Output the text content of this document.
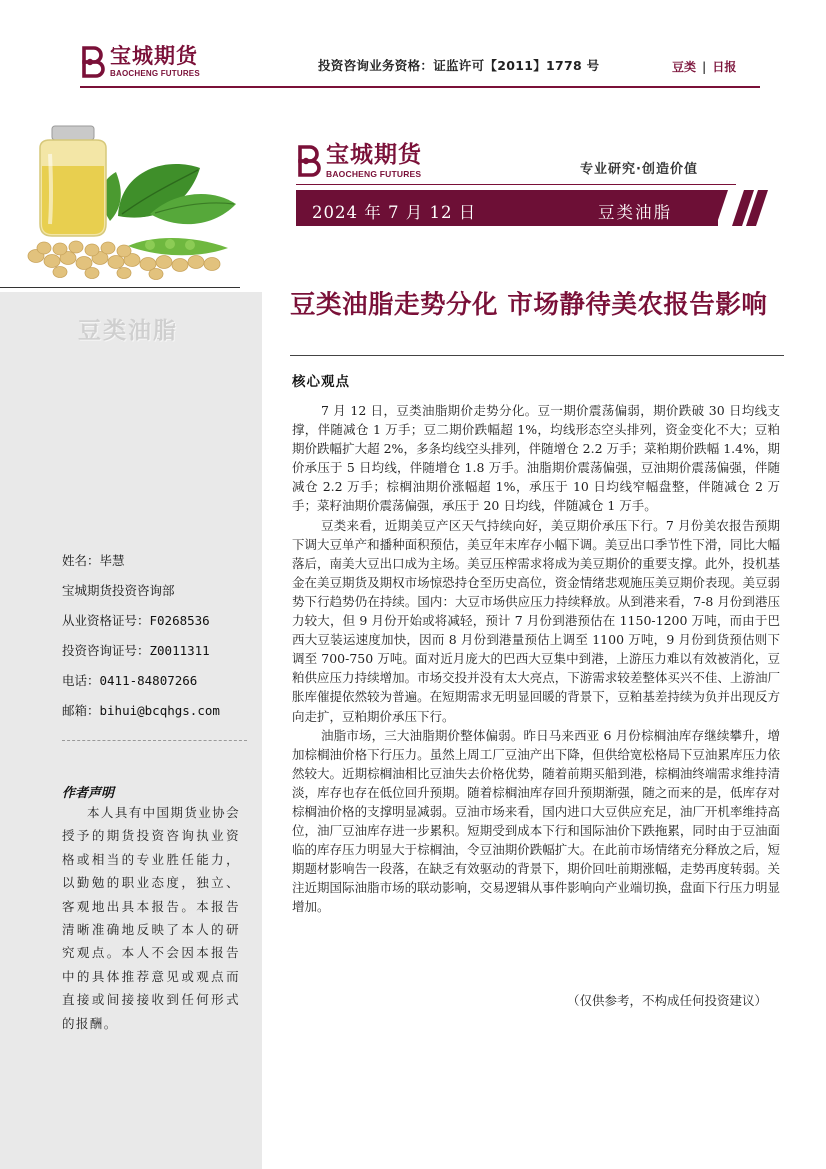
宝城期货
BAOCHENG FUTURES
投资咨询业务资格：证监许可【2011】1778 号	豆类 | 日报
豆类油脂
姓名：毕慧
宝城期货投资咨询部
从业资格证号：F0268536
投资咨询证号：Z0011311
电话：0411-84807266
邮箱：bihui@bcqhgs.com
作者声明
本人具有中国期货业协会授予的期货投资咨询执业资格或相当的专业胜任能力，以勤勉的职业态度，独立、客观地出具本报告。本报告清晰准确地反映了本人的研究观点。本人不会因本报告中的具体推荐意见或观点而直接或间接接收到任何形式的报酬。
宝城期货
BAOCHENG FUTURES	专业研究·创造价值
2024 年 7 月 12 日	豆类油脂
豆类油脂走势分化 市场静待美农报告影响
核心观点

7 月 12 日，豆类油脂期价走势分化。豆一期价震荡偏弱，期价跌破 30 日均线支撑，伴随减仓 1 万手；豆二期价跌幅超 1%，均线形态空头排列，资金变化不大；豆粕期价跌幅扩大超 2%，多条均线空头排列，伴随增仓 2.2 万手；菜粕期价跌幅 1.4%，期价承压于 5 日均线，伴随增仓 1.8 万手。油脂期价震荡偏强，豆油期价震荡偏强，伴随减仓 2.2 万手；棕榈油期价涨幅超 1%，承压于 10 日均线窄幅盘整，伴随减仓 2 万手；菜籽油期价震荡偏强，承压于 20 日均线，伴随减仓 1 万手。

豆类来看，近期美豆产区天气持续向好，美豆期价承压下行。7 月份美农报告预期下调大豆单产和播种面积预估，美豆年末库存小幅下调。美豆出口季节性下滑，同比大幅落后，南美大豆出口成为主场。美豆压榨需求将成为美豆期价的重要支撑。此外，投机基金在美豆期货及期权市场惊恐持仓至历史高位，资金情绪悲观施压美豆期价表现。美豆弱势下行趋势仍在持续。国内：大豆市场供应压力持续释放。从到港来看，7-8 月份到港压力较大，但 9 月份开始或将减轻，预计 7 月份到港预估在 1150-1200 万吨，而由于巴西大豆装运速度加快，因而 8 月份到港量预估上调至 1100 万吨，9 月份到货预估则下调至 700-750 万吨。面对近月庞大的巴西大豆集中到港，上游压力难以有效被消化，豆粕供应压力持续增加。市场交投并没有太大亮点，下游需求较差整体买兴不佳、上游油厂胀库催提依然较为普遍。在短期需求无明显回暖的背景下，豆粕基差持续为负并出现反方向走扩，豆粕期价承压下行。

油脂市场，三大油脂期价整体偏弱。昨日马来西亚 6 月份棕榈油库存继续攀升，增加棕榈油价格下行压力。虽然上周工厂豆油产出下降，但供给宽松格局下豆油累库压力依然较大。近期棕榈油相比豆油失去价格优势，随着前期买船到港，棕榈油终端需求维持清淡，库存也存在低位回升预期。随着棕榈油库存回升预期渐强，随之而来的是，低库存对棕榈油价格的支撑明显减弱。豆油市场来看，国内进口大豆供应充足，油厂开机率维持高位，油厂豆油库存进一步累积。短期受到成本下行和国际油价下跌拖累，同时由于豆油面临的库存压力明显大于棕榈油，令豆油期价跌幅扩大。在此前市场情绪充分释放之后，短期题材影响告一段落，在缺乏有效驱动的背景下，期价回吐前期涨幅，走势再度转弱。关注近期国际油脂市场的联动影响，交易逻辑从事件影响向产业端切换，盘面下行压力明显增加。

（仅供参考，不构成任何投资建议）
